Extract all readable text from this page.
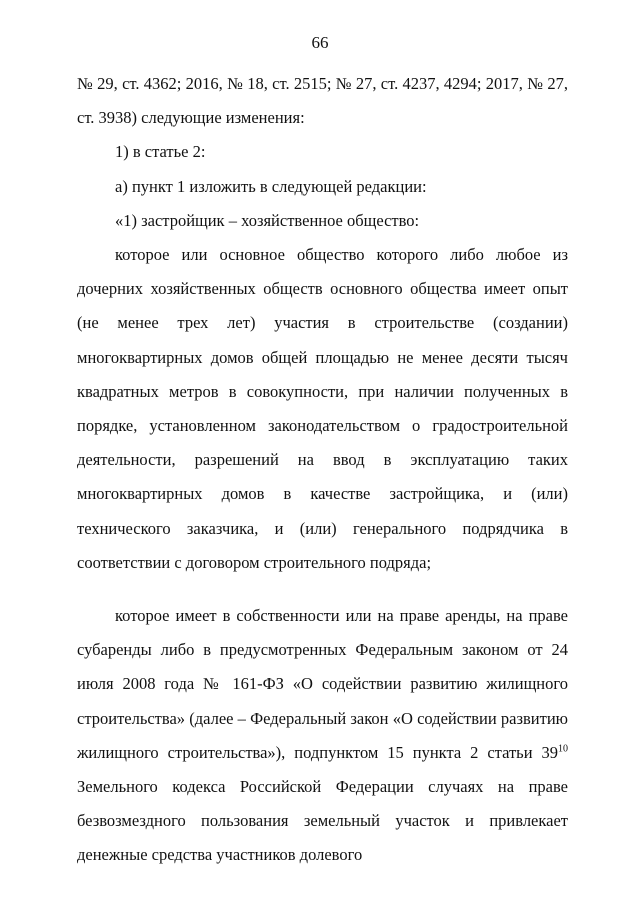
66

№ 29, ст. 4362; 2016, № 18, ст. 2515; № 27, ст. 4237, 4294; 2017, № 27, ст. 3938) следующие изменения:

1) в статье 2:

а) пункт 1 изложить в следующей редакции:

«1) застройщик – хозяйственное общество:

которое или основное общество которого либо любое из дочерних хозяйственных обществ основного общества имеет опыт (не менее трех лет) участия в строительстве (создании) многоквартирных домов общей площадью не менее десяти тысяч квадратных метров в совокупности, при наличии полученных в порядке, установленном законодательством о градостроительной деятельности, разрешений на ввод в эксплуатацию таких многоквартирных домов в качестве застройщика, и (или) технического заказчика, и (или) генерального подрядчика в соответствии с договором строительного подряда;

которое имеет в собственности или на праве аренды, на праве субаренды либо в предусмотренных Федеральным законом от 24 июля 2008 года № 161-ФЗ «О содействии развитию жилищного строительства» (далее – Федеральный закон «О содействии развитию жилищного строительства»), подпунктом 15 пункта 2 статьи $39^{10}$ Земельного кодекса Российской Федерации случаях на праве безвозмездного пользования земельный участок и привлекает денежные средства участников долевого
